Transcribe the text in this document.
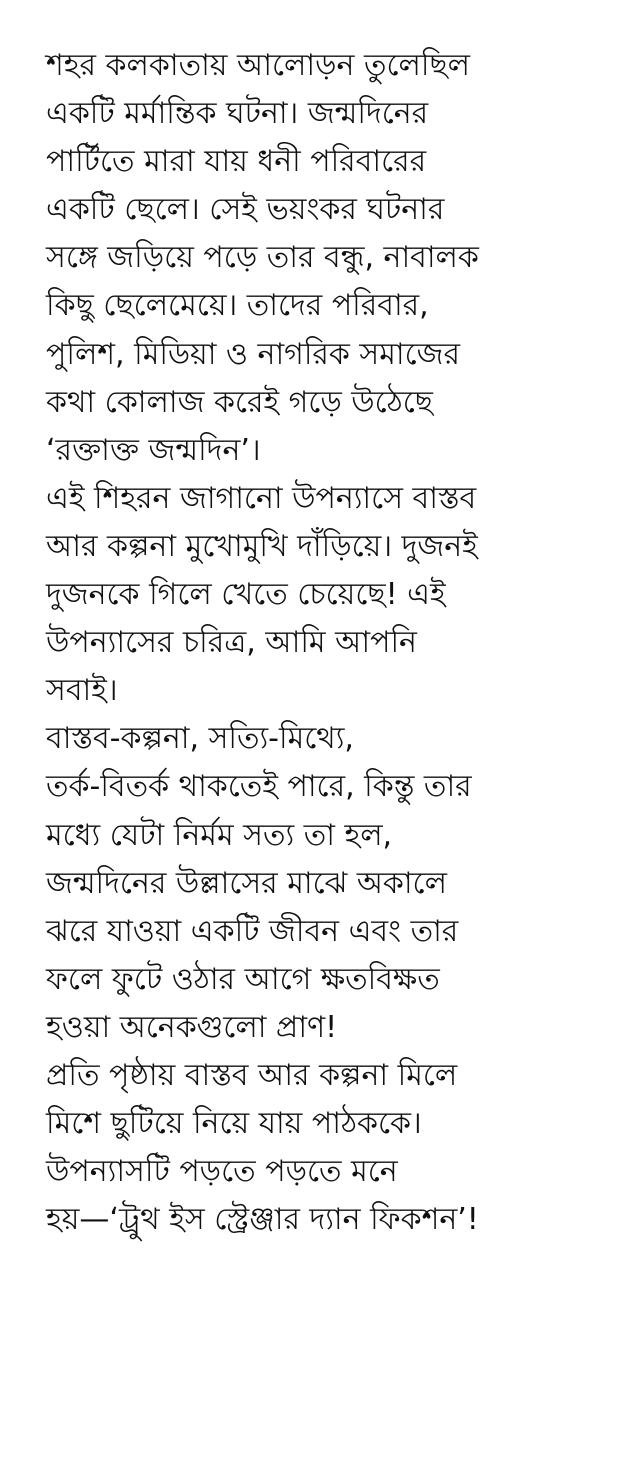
শহর কলকাতায় আলোড়ন তুলেছিল
একটি মর্মান্তিক ঘটনা। জন্মদিনের
পার্টিতে মারা যায় ধনী পরিবারের
একটি ছেলে। সেই ভয়ংকর ঘটনার
সঙ্গে জড়িয়ে পড়ে তার বন্ধু, নাবালক
কিছু ছেলেমেয়ে। তাদের পরিবার,
পুলিশ, মিডিয়া ও নাগরিক সমাজের
কথা কোলাজ করেই গড়ে উঠেছে
‘রক্তাক্ত জন্মদিন’।
এই শিহরন জাগানো উপন্যাসে বাস্তব
আর কল্পনা মুখোমুখি দাঁড়িয়ে। দুজনই
দুজনকে গিলে খেতে চেয়েছে! এই
উপন্যাসের চরিত্র, আমি আপনি
সবাই।
বাস্তব-কল্পনা, সত্যি-মিথ্যে,
তর্ক-বিতর্ক থাকতেই পারে, কিন্তু তার
মধ্যে যেটা নির্মম সত্য তা হল,
জন্মদিনের উল্লাসের মাঝে অকালে
ঝরে যাওয়া একটি জীবন এবং তার
ফলে ফুটে ওঠার আগে ক্ষতবিক্ষত
হওয়া অনেকগুলো প্রাণ!
প্রতি পৃষ্ঠায় বাস্তব আর কল্পনা মিলে
মিশে ছুটিয়ে নিয়ে যায় পাঠককে।
উপন্যাসটি পড়তে পড়তে মনে
হয়—‘ট্রুথ ইস স্ট্রেঞ্জার দ্যান ফিকশন’!
